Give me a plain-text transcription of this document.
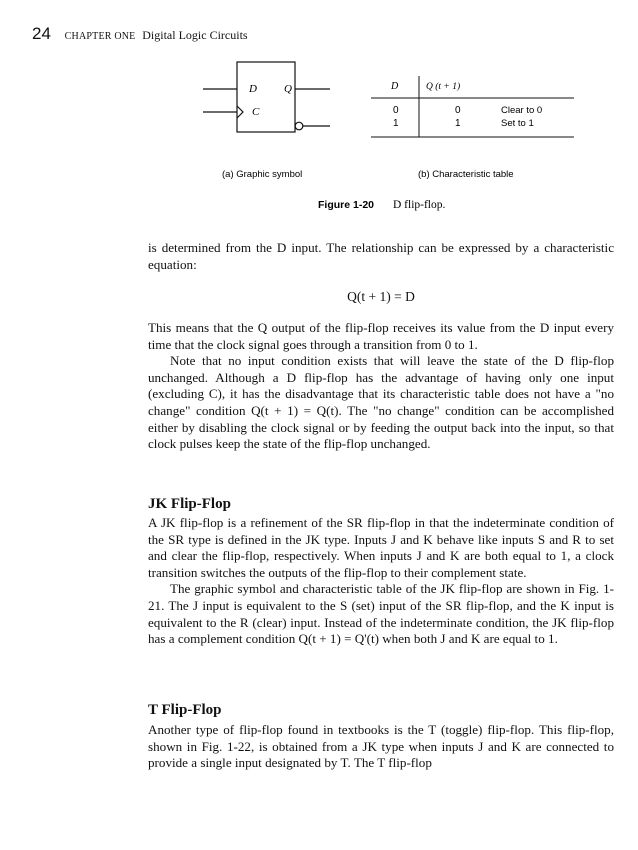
24 CHAPTER ONE Digital Logic Circuits
D Q
C
D	Q (t + 1)
0	0	Clear to 0
1	1	Set to 1
(a) Graphic symbol	(b) Characteristic table
Figure 1-20 D flip-flop.

is determined from the D input. The relationship can be expressed by a characteristic equation:

Q(t + 1) = D

This means that the Q output of the flip-flop receives its value from the D input every time that the clock signal goes through a transition from 0 to 1.

Note that no input condition exists that will leave the state of the D flip-flop unchanged. Although a D flip-flop has the advantage of having only one input (excluding C), it has the disadvantage that its characteristic table does not have a "no change" condition Q(t + 1) = Q(t). The "no change" condition can be accomplished either by disabling the clock signal or by feeding the output back into the input, so that clock pulses keep the state of the flip-flop unchanged.

JK Flip-Flop

A JK flip-flop is a refinement of the SR flip-flop in that the indeterminate condition of the SR type is defined in the JK type. Inputs J and K behave like inputs S and R to set and clear the flip-flop, respectively. When inputs J and K are both equal to 1, a clock transition switches the outputs of the flip-flop to their complement state.

The graphic symbol and characteristic table of the JK flip-flop are shown in Fig. 1-21. The J input is equivalent to the S (set) input of the SR flip-flop, and the K input is equivalent to the R (clear) input. Instead of the indeterminate condition, the JK flip-flop has a complement condition Q(t + 1) = Q'(t) when both J and K are equal to 1.

T Flip-Flop

Another type of flip-flop found in textbooks is the T (toggle) flip-flop. This flip-flop, shown in Fig. 1-22, is obtained from a JK type when inputs J and K are connected to provide a single input designated by T. The T flip-flop
